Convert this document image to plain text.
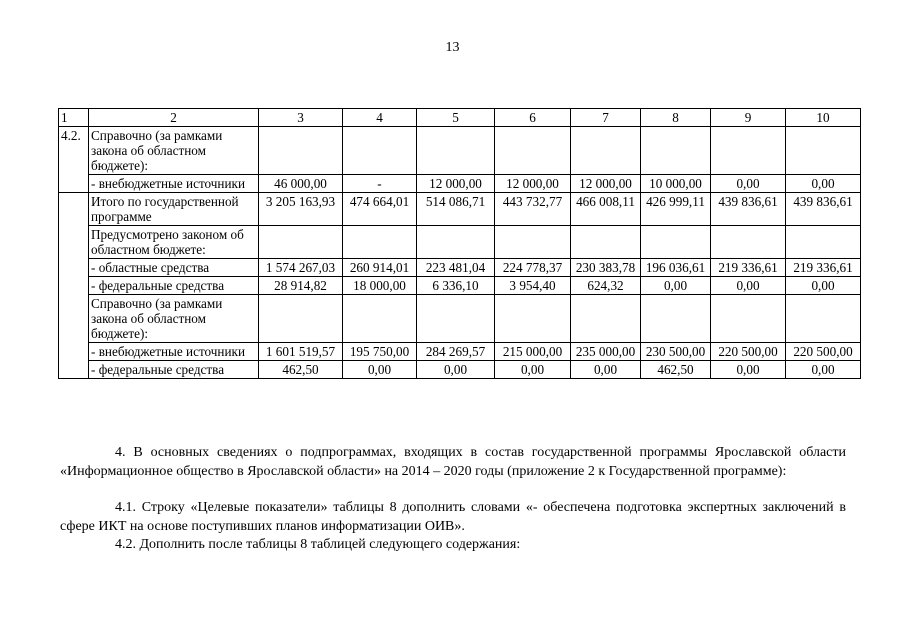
13
1	2	3	4	5	6	7	8	9	10
4.2.	Справочно (за рамками закона об областном бюджете):								
	- внебюджетные источники	46 000,00	-	12 000,00	12 000,00	12 000,00	10 000,00	0,00	0,00
	Итого по государственной программе	3 205 163,93	474 664,01	514 086,71	443 732,77	466 008,11	426 999,11	439 836,61	439 836,61
	Предусмотрено законом об областном бюджете:								
	- областные средства	1 574 267,03	260 914,01	223 481,04	224 778,37	230 383,78	196 036,61	219 336,61	219 336,61
	- федеральные средства	28 914,82	18 000,00	6 336,10	3 954,40	624,32	0,00	0,00	0,00
	Справочно (за рамками закона об областном бюджете):								
	- внебюджетные источники	1 601 519,57	195 750,00	284 269,57	215 000,00	235 000,00	230 500,00	220 500,00	220 500,00
	- федеральные средства	462,50	0,00	0,00	0,00	0,00	462,50	0,00	0,00
4. В основных сведениях о подпрограммах, входящих в состав государственной программы Ярославской области «Информационное общество в Ярославской области» на 2014 – 2020 годы (приложение 2 к Государственной программе):
4.1. Строку «Целевые показатели» таблицы 8 дополнить словами «- обеспечена подготовка экспертных заключений в сфере ИКТ на основе поступивших планов информатизации ОИВ».
4.2. Дополнить после таблицы 8 таблицей следующего содержания:
